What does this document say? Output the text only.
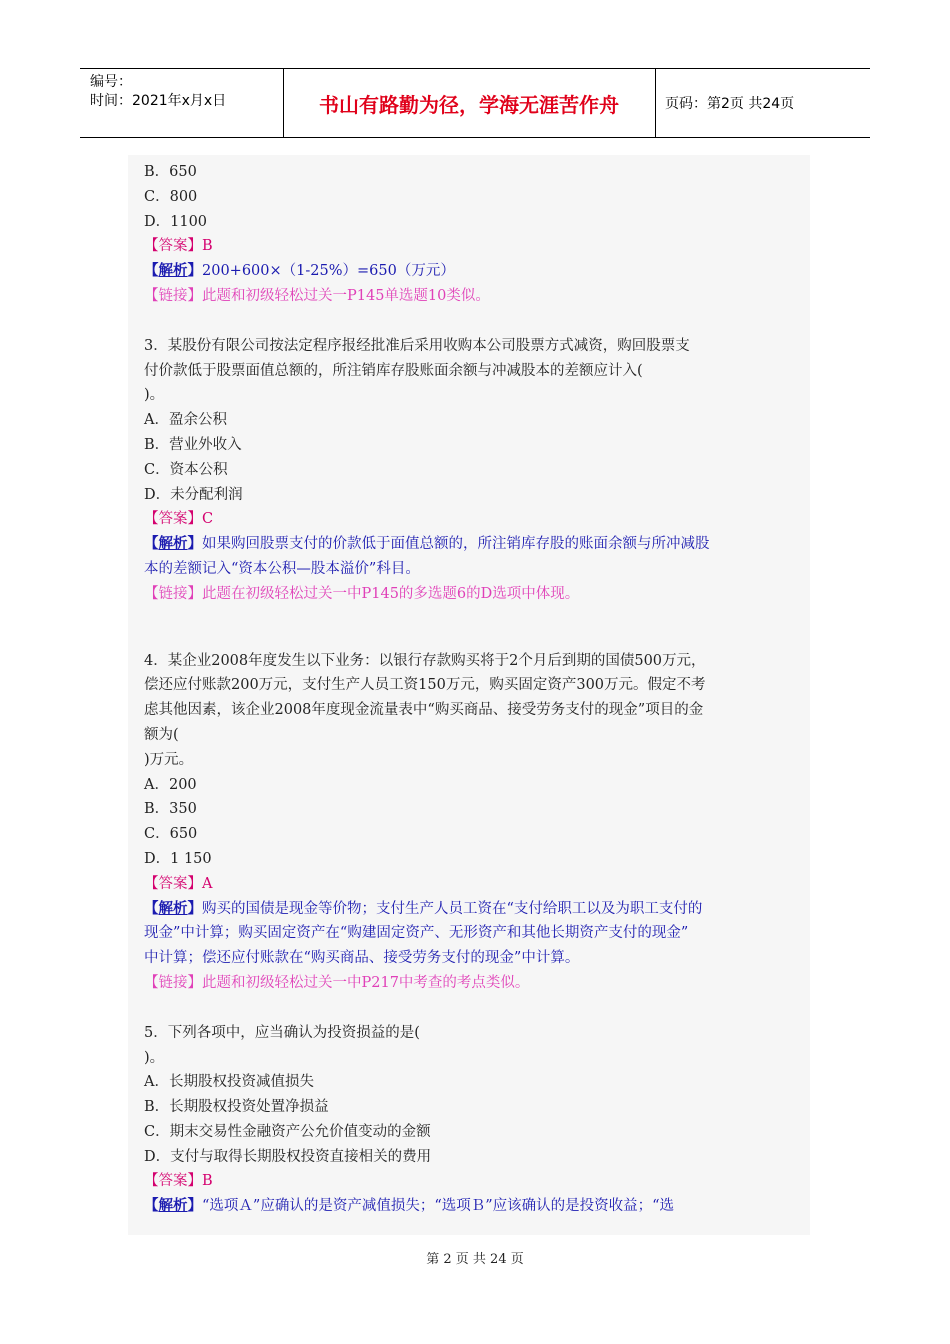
编号：
时间：2021年x月x日	书山有路勤为径，学海无涯苦作舟	页码：第2页 共24页

B．650

C．800

D．1100

【答案】B

【解析】200+600×（1-25%）=650（万元）

【链接】此题和初级轻松过关一P145单选题10类似。

3．某股份有限公司按法定程序报经批准后采用收购本公司股票方式减资，购回股票支

付价款低于股票面值总额的，所注销库存股账面余额与冲减股本的差额应计入(

)。

A．盈余公积

B．营业外收入

C．资本公积

D．未分配利润

【答案】C

【解析】如果购回股票支付的价款低于面值总额的，所注销库存股的账面余额与所冲减股

本的差额记入“资本公积—股本溢价”科目。

【链接】此题在初级轻松过关一中P145的多选题6的D选项中体现。

4．某企业2008年度发生以下业务：以银行存款购买将于2个月后到期的国债500万元，

偿还应付账款200万元，支付生产人员工资150万元，购买固定资产300万元。假定不考

虑其他因素，该企业2008年度现金流量表中“购买商品、接受劳务支付的现金”项目的金

额为(

)万元。

A．200

B．350

C．650

D．1 150

【答案】A

【解析】购买的国债是现金等价物；支付生产人员工资在“支付给职工以及为职工支付的

现金”中计算；购买固定资产在“购建固定资产、无形资产和其他长期资产支付的现金”

中计算；偿还应付账款在“购买商品、接受劳务支付的现金”中计算。

【链接】此题和初级轻松过关一中P217中考查的考点类似。

5．下列各项中，应当确认为投资损益的是(

)。

A．长期股权投资减值损失

B．长期股权投资处置净损益

C．期末交易性金融资产公允价值变动的金额

D．支付与取得长期股权投资直接相关的费用

【答案】B

【解析】“选项Ａ”应确认的是资产减值损失；“选项Ｂ”应该确认的是投资收益；“选

第 2 页 共 24 页
